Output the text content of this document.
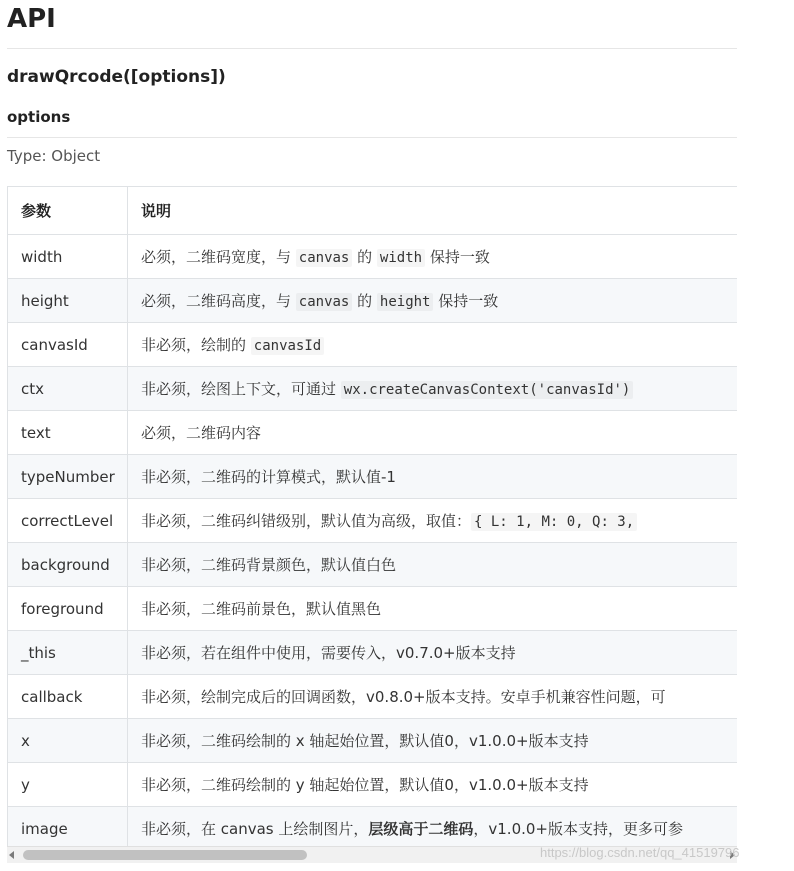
API
drawQrcode([options])
options
Type: Object
参数	说明
width	必须，二维码宽度，与 canvas 的 width 保持一致
height	必须，二维码高度，与 canvas 的 height 保持一致
canvasId	非必须，绘制的 canvasId
ctx	非必须，绘图上下文，可通过 wx.createCanvasContext('canvasId')
text	必须，二维码内容
typeNumber	非必须，二维码的计算模式，默认值-1
correctLevel	非必须，二维码纠错级别，默认值为高级，取值： { L: 1, M: 0, Q: 3,
background	非必须，二维码背景颜色，默认值白色
foreground	非必须，二维码前景色，默认值黑色
_this	非必须，若在组件中使用，需要传入，v0.7.0+版本支持
callback	非必须，绘制完成后的回调函数，v0.8.0+版本支持。安卓手机兼容性问题，可
x	非必须，二维码绘制的 x 轴起始位置，默认值0，v1.0.0+版本支持
y	非必须，二维码绘制的 y 轴起始位置，默认值0，v1.0.0+版本支持
image	非必须，在 canvas 上绘制图片，层级高于二维码，v1.0.0+版本支持，更多可参
https://blog.csdn.net/qq_41519796
